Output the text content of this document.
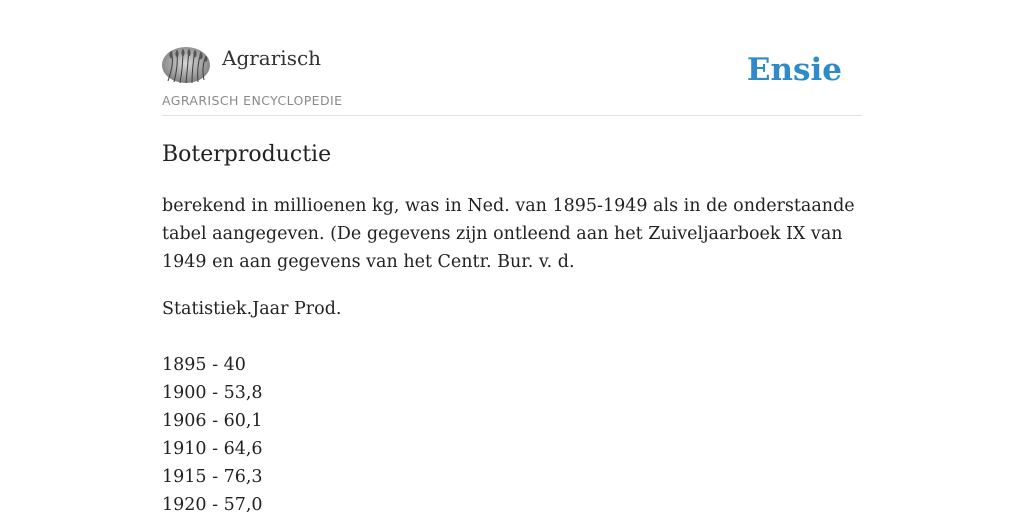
Agrarisch
AGRARISCH ENCYCLOPEDIE
Ensie
Boterproductie

berekend in millioenen kg, was in Ned. van 1895-1949 als in de onderstaande tabel aangegeven. (De gegevens zijn ontleend aan het Zuiveljaarboek IX van 1949 en aan gegevens van het Centr. Bur. v. d.

Statistiek.Jaar Prod.

1895 - 40
1900 - 53,8
1906 - 60,1
1910 - 64,6
1915 - 76,3
1920 - 57,0
